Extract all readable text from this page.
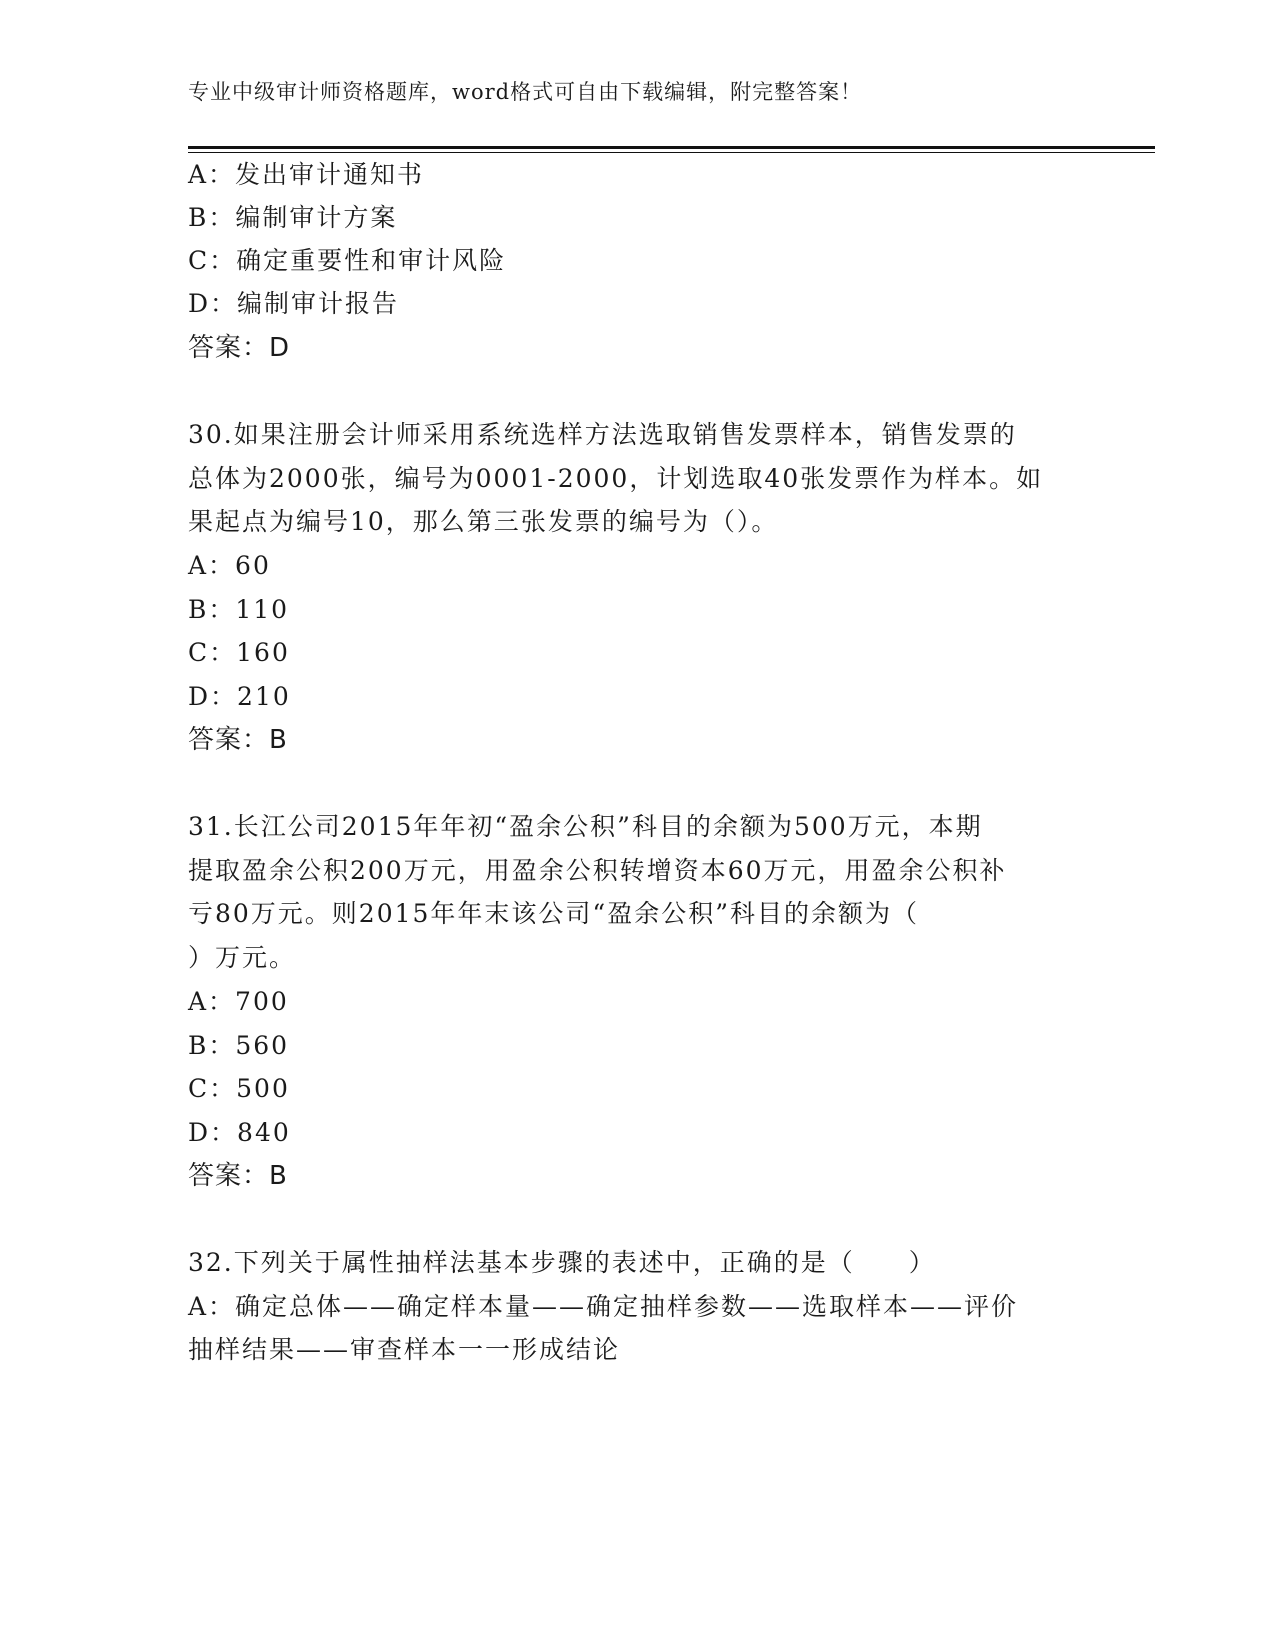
专业中级审计师资格题库，word格式可自由下载编辑，附完整答案！
A：发出审计通知书
B：编制审计方案
C：确定重要性和审计风险
D：编制审计报告
答案：D
30.如果注册会计师采用系统选样方法选取销售发票样本，销售发票的
总体为2000张，编号为0001-2000，计划选取40张发票作为样本。如
果起点为编号10，那么第三张发票的编号为（）。
A：60
B：110
C：160
D：210
答案：B
31.长江公司2015年年初“盈余公积”科目的余额为500万元，本期
提取盈余公积200万元，用盈余公积转增资本60万元，用盈余公积补
亏80万元。则2015年年末该公司“盈余公积”科目的余额为（
）万元。
A：700
B：560
C：500
D：840
答案：B
32.下列关于属性抽样法基本步骤的表述中，正确的是（　　）
A：确定总体——确定样本量——确定抽样参数——选取样本——评价
抽样结果——审查样本一一形成结论
